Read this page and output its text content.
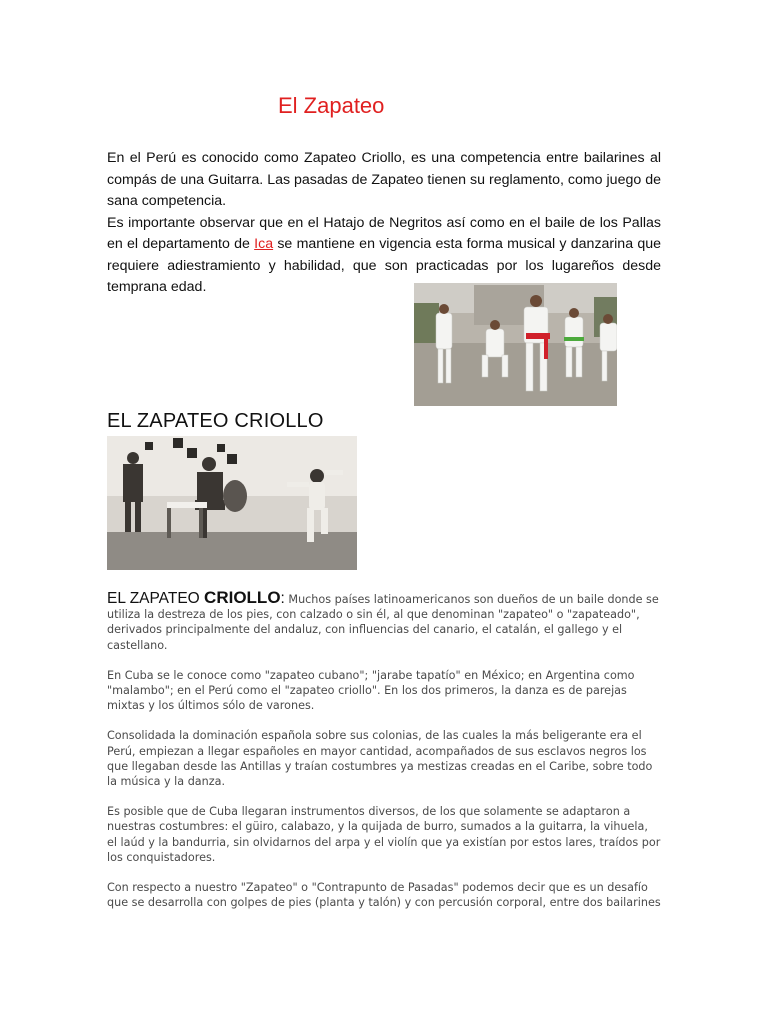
El Zapateo

En el Perú es conocido como Zapateo Criollo, es una competencia entre bailarines al compás de una Guitarra. Las pasadas de Zapateo tienen su reglamento, como juego de sana competencia.

Es importante observar que en el Hatajo de Negritos así como en el baile de los Pallas en el departamento de Ica se mantiene en vigencia esta forma musical y danzarina que requiere adiestramiento y habilidad, que son practicadas por los lugareños desde temprana edad.

EL ZAPATEO CRIOLLO

EL ZAPATEO CRIOLLO: Muchos países latinoamericanos son dueños de un baile donde se utiliza la destreza de los pies, con calzado o sin él, al que denominan "zapateo" o "zapateado", derivados principalmente del andaluz, con influencias del canario, el catalán, el gallego y el castellano.

En Cuba se le conoce como "zapateo cubano"; "jarabe tapatío" en México; en Argentina como "malambo"; en el Perú como el "zapateo criollo". En los dos primeros, la danza es de parejas mixtas y los últimos sólo de varones.

Consolidada la dominación española sobre sus colonias, de las cuales la más beligerante era el Perú, empiezan a llegar españoles en mayor cantidad, acompañados de sus esclavos negros los que llegaban desde las Antillas y traían costumbres ya mestizas creadas en el Caribe, sobre todo la música y la danza.

Es posible que de Cuba llegaran instrumentos diversos, de los que solamente se adaptaron a nuestras costumbres: el güiro, calabazo, y la quijada de burro, sumados a la guitarra, la vihuela, el laúd y la bandurria, sin olvidarnos del arpa y el violín que ya existían por estos lares, traídos por los conquistadores.

Con respecto a nuestro "Zapateo" o "Contrapunto de Pasadas" podemos decir que es un desafío que se desarrolla con golpes de pies (planta y talón) y con percusión corporal, entre dos bailarines
